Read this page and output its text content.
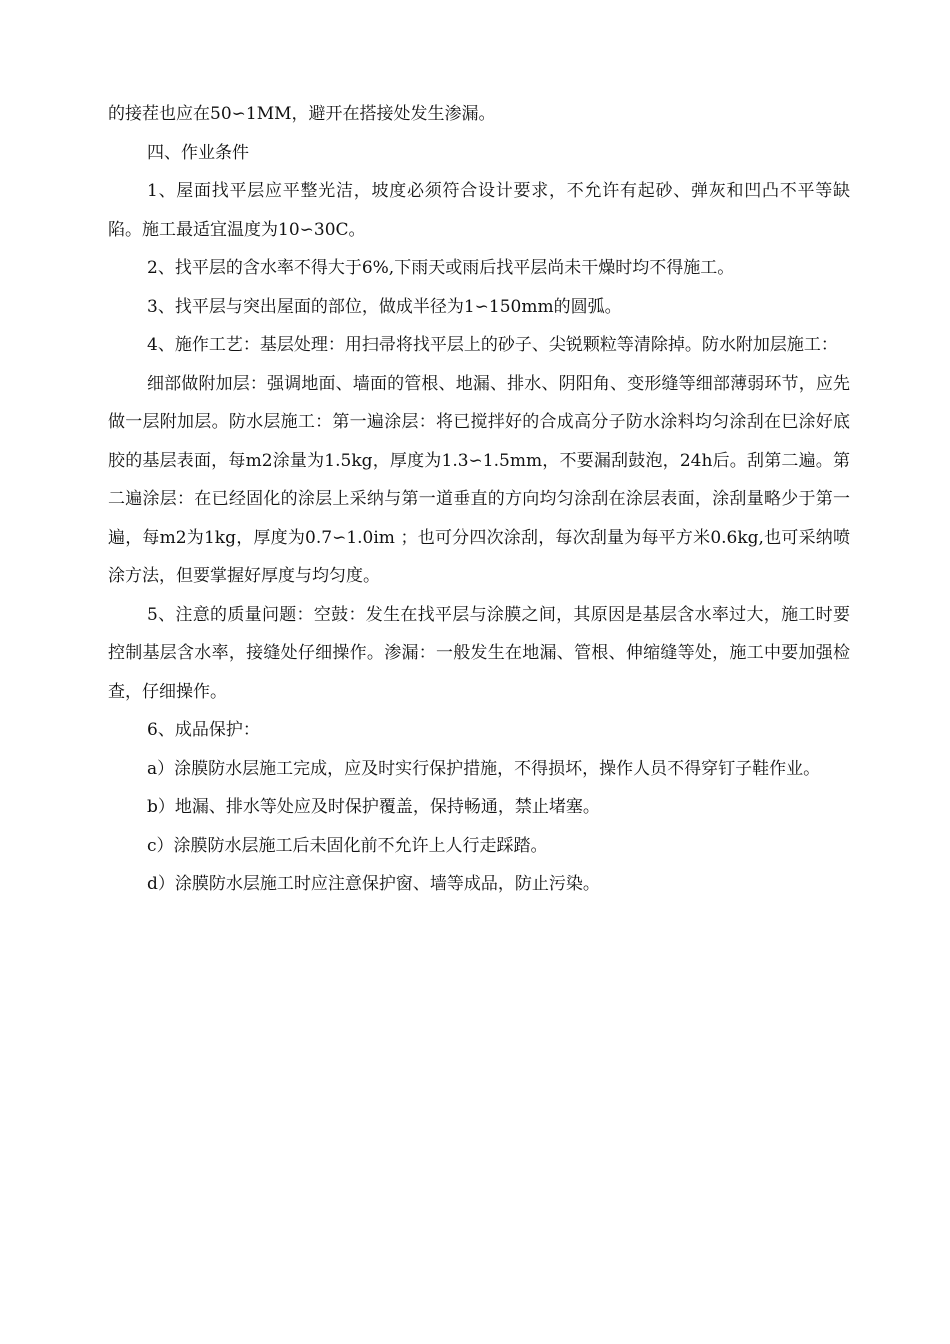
的接茬也应在50∽1MM，避开在搭接处发生渗漏。

四、作业条件

1、屋面找平层应平整光洁，坡度必须符合设计要求，不允许有起砂、弹灰和凹凸不平等缺陷。施工最适宜温度为10∽30C。

2、找平层的含水率不得大于6%,下雨天或雨后找平层尚未干燥时均不得施工。

3、找平层与突出屋面的部位，做成半径为1∽150mm的圆弧。

4、施作工艺：基层处理：用扫帚将找平层上的砂子、尖锐颗粒等清除掉。防水附加层施工：

细部做附加层：强调地面、墙面的管根、地漏、排水、阴阳角、变形缝等细部薄弱环节，应先做一层附加层。防水层施工：第一遍涂层：将已搅拌好的合成高分子防水涂料均匀涂刮在巳涂好底胶的基层表面，每m2涂量为1.5kg，厚度为1.3∽1.5mm，不要漏刮鼓泡，24h后。刮第二遍。第二遍涂层：在已经固化的涂层上采纳与第一道垂直的方向均匀涂刮在涂层表面，涂刮量略少于第一遍，每m2为1kg，厚度为0.7∽1.0im ；也可分四次涂刮，每次刮量为每平方米0.6kg,也可采纳喷涂方法，但要掌握好厚度与均匀度。

5、注意的质量问题：空鼓：发生在找平层与涂膜之间，其原因是基层含水率过大，施工时要控制基层含水率，接缝处仔细操作。渗漏：一般发生在地漏、管根、伸缩缝等处，施工中要加强检查，仔细操作。

6、成品保护：

a）涂膜防水层施工完成，应及时实行保护措施，不得损坏，操作人员不得穿钉子鞋作业。

b）地漏、排水等处应及时保护覆盖，保持畅通，禁止堵塞。

c）涂膜防水层施工后未固化前不允许上人行走踩踏。

d）涂膜防水层施工时应注意保护窗、墙等成品，防止污染。
